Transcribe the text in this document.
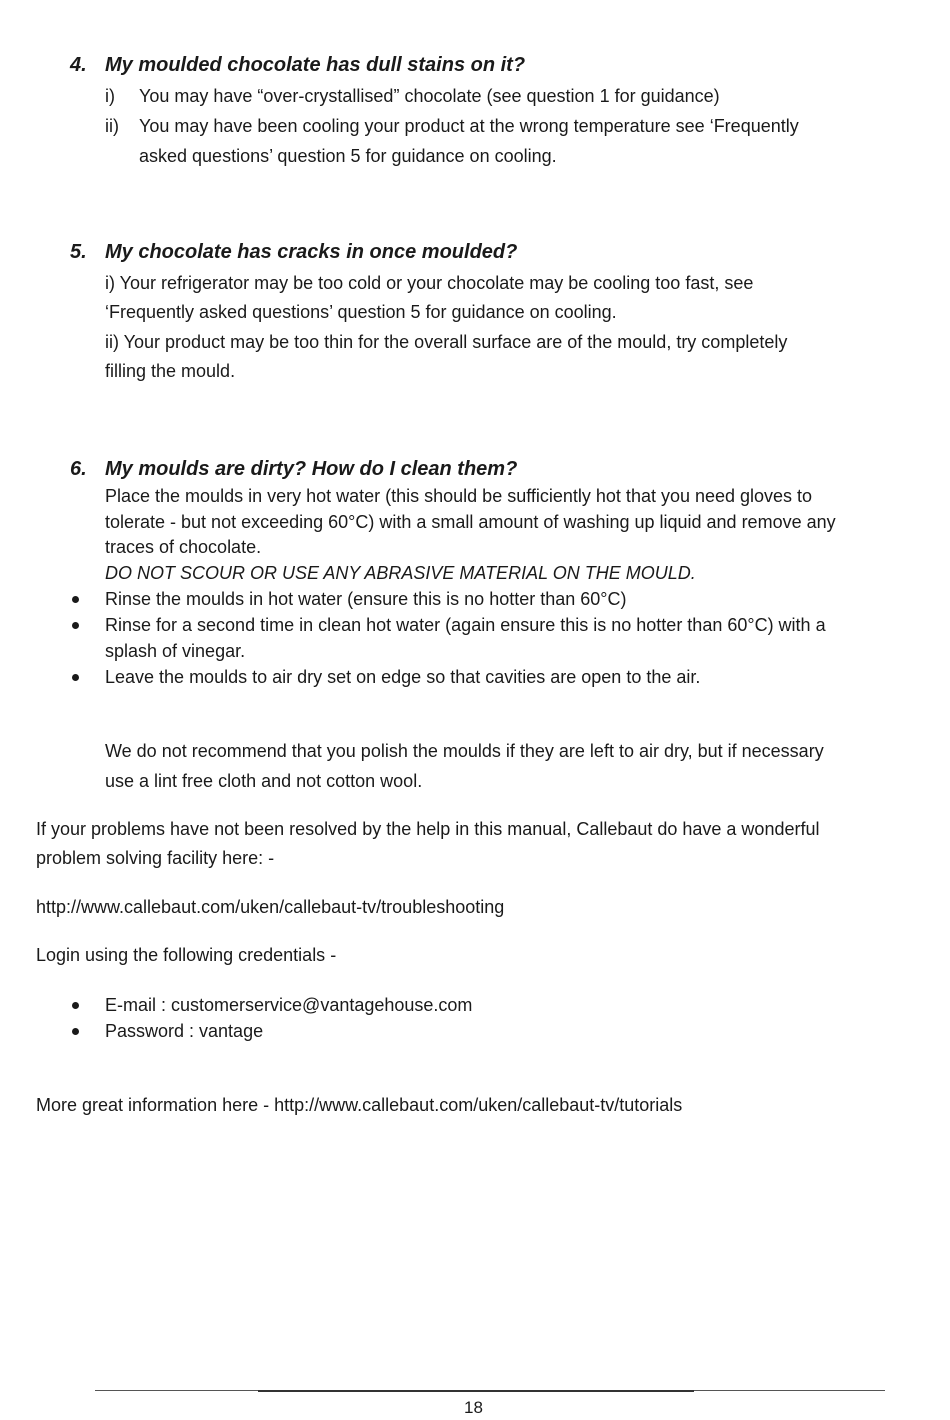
4. My moulded chocolate has dull stains on it?
i) You may have “over-crystallised” chocolate (see question 1 for guidance)
ii) You may have been cooling your product at the wrong temperature see ‘Frequently
asked questions’ question 5 for guidance on cooling.
5. My chocolate has cracks in once moulded?
i) Your refrigerator may be too cold or your chocolate may be cooling too fast, see
‘Frequently asked questions’ question 5 for guidance on cooling.
ii) Your product may be too thin for the overall surface are of the mould, try completely
filling the mould.
6. My moulds are dirty? How do I clean them?
Place the moulds in very hot water (this should be sufficiently hot that you need gloves to
tolerate - but not exceeding 60°C) with a small amount of washing up liquid and remove any
traces of chocolate.
DO NOT SCOUR OR USE ANY ABRASIVE MATERIAL ON THE MOULD.
Rinse the moulds in hot water (ensure this is no hotter than 60°C)
Rinse for a second time in clean hot water (again ensure this is no hotter than 60°C) with a
splash of vinegar.
Leave the moulds to air dry set on edge so that cavities are open to the air.
We do not recommend that you polish the moulds if they are left to air dry, but if necessary
use a lint free cloth and not cotton wool.
If your problems have not been resolved by the help in this manual, Callebaut do have a wonderful
problem solving facility here: -
http://www.callebaut.com/uken/callebaut-tv/troubleshooting
Login using the following credentials -
E-mail : customerservice@vantagehouse.com
Password : vantage
More great information here - http://www.callebaut.com/uken/callebaut-tv/tutorials
18
